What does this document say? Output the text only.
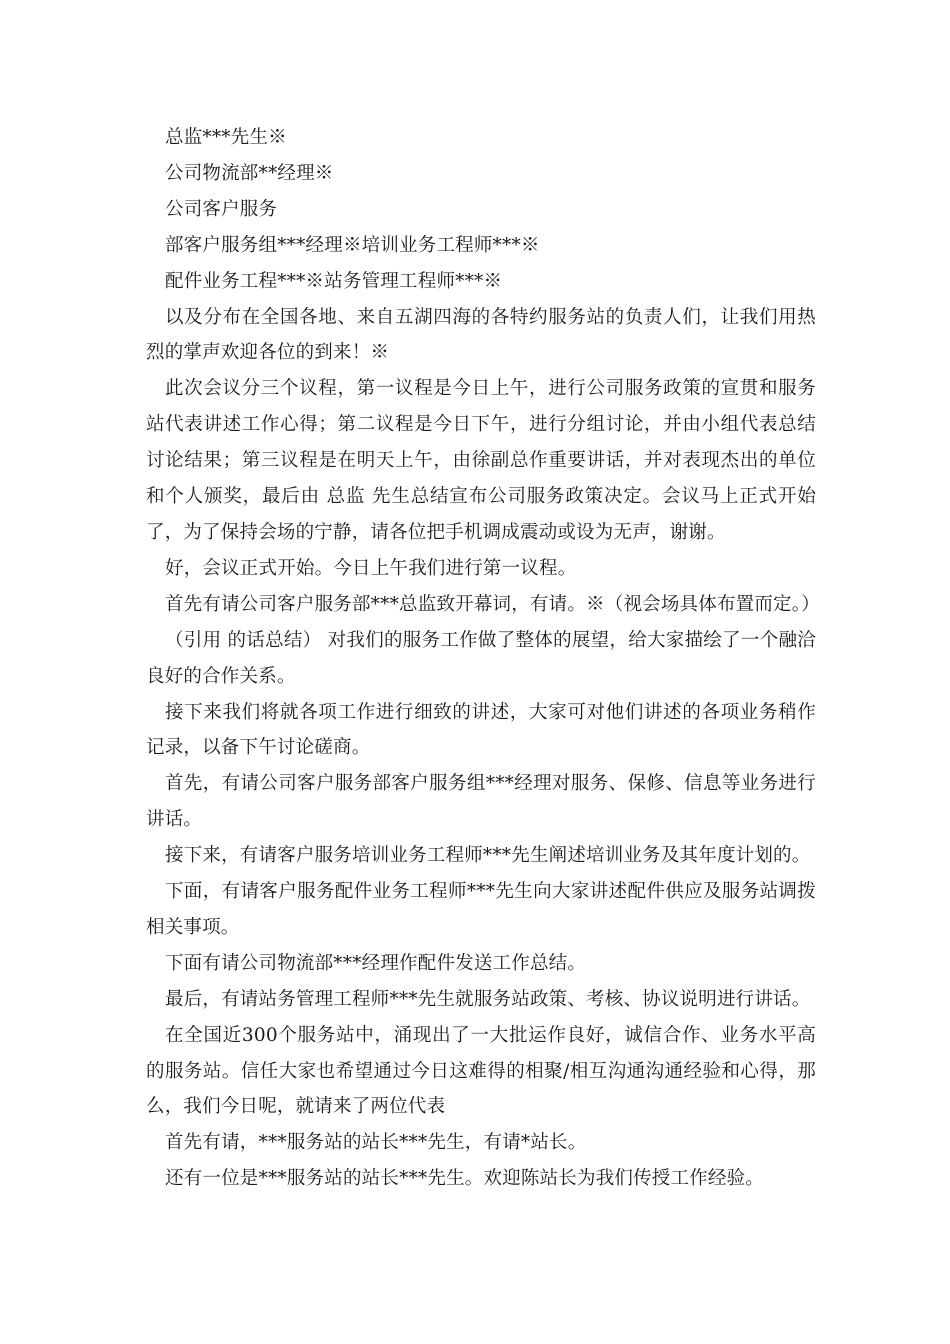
总监***先生※

公司物流部**经理※

公司客户服务

部客户服务组***经理※培训业务工程师***※

配件业务工程***※站务管理工程师***※

以及分布在全国各地、来自五湖四海的各特约服务站的负责人们，让我们用热烈的掌声欢迎各位的到来！※

此次会议分三个议程，第一议程是今日上午，进行公司服务政策的宣贯和服务站代表讲述工作心得；第二议程是今日下午，进行分组讨论，并由小组代表总结讨论结果；第三议程是在明天上午，由徐副总作重要讲话，并对表现杰出的单位和个人颁奖，最后由 总监 先生总结宣布公司服务政策决定。会议马上正式开始了，为了保持会场的宁静，请各位把手机调成震动或设为无声，谢谢。

好，会议正式开始。今日上午我们进行第一议程。

首先有请公司客户服务部***总监致开幕词，有请。※（视会场具体布置而定。）

（引用 的话总结） 对我们的服务工作做了整体的展望，给大家描绘了一个融洽良好的合作关系。

接下来我们将就各项工作进行细致的讲述，大家可对他们讲述的各项业务稍作记录，以备下午讨论磋商。

首先，有请公司客户服务部客户服务组***经理对服务、保修、信息等业务进行讲话。

接下来，有请客户服务培训业务工程师***先生阐述培训业务及其年度计划的。

下面，有请客户服务配件业务工程师***先生向大家讲述配件供应及服务站调拨相关事项。

下面有请公司物流部***经理作配件发送工作总结。

最后，有请站务管理工程师***先生就服务站政策、考核、协议说明进行讲话。

在全国近300个服务站中，涌现出了一大批运作良好，诚信合作、业务水平高的服务站。信任大家也希望通过今日这难得的相聚/相互沟通沟通经验和心得，那么，我们今日呢，就请来了两位代表

首先有请，***服务站的站长***先生，有请*站长。

还有一位是***服务站的站长***先生。欢迎陈站长为我们传授工作经验。
